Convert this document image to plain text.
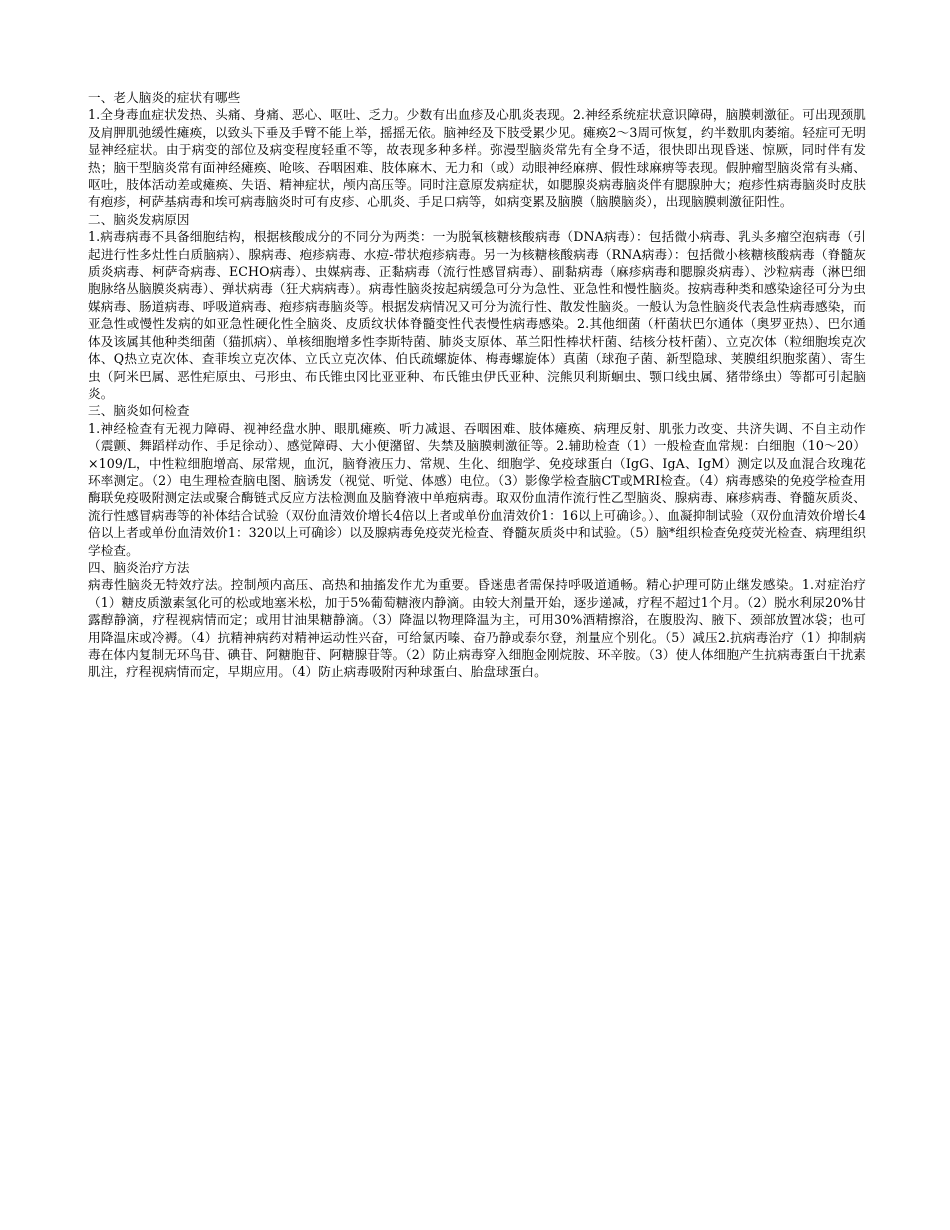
一、老人脑炎的症状有哪些

1.全身毒血症状发热、头痛、身痛、恶心、呕吐、乏力。少数有出血疹及心肌炎表现。2.神经系统症状意识障碍，脑膜刺激征。可出现颈肌及肩胛肌弛缓性瘫痪，以致头下垂及手臂不能上举，摇摇无依。脑神经及下肢受累少见。瘫痪2～3周可恢复，约半数肌肉萎缩。轻症可无明显神经症状。由于病变的部位及病变程度轻重不等，故表现多种多样。弥漫型脑炎常先有全身不适，很快即出现昏迷、惊厥，同时伴有发热；脑干型脑炎常有面神经瘫痪、呛咳、吞咽困难、肢体麻木、无力和（或）动眼神经麻痹、假性球麻痹等表现。假肿瘤型脑炎常有头痛、呕吐，肢体活动差或瘫痪、失语、精神症状，颅内高压等。同时注意原发病症状，如腮腺炎病毒脑炎伴有腮腺肿大；疱疹性病毒脑炎时皮肤有疱疹，柯萨基病毒和埃可病毒脑炎时可有皮疹、心肌炎、手足口病等，如病变累及脑膜（脑膜脑炎），出现脑膜刺激征阳性。

二、脑炎发病原因

1.病毒病毒不具备细胞结构，根据核酸成分的不同分为两类：一为脱氧核糖核酸病毒（DNA病毒）：包括微小病毒、乳头多瘤空泡病毒（引起进行性多灶性白质脑病）、腺病毒、疱疹病毒、水痘-带状疱疹病毒。另一为核糖核酸病毒（RNA病毒）：包括微小核糖核酸病毒（脊髓灰质炎病毒、柯萨奇病毒、ECHO病毒）、虫媒病毒、正黏病毒（流行性感冒病毒）、副黏病毒（麻疹病毒和腮腺炎病毒）、沙粒病毒（淋巴细胞脉络丛脑膜炎病毒）、弹状病毒（狂犬病病毒）。病毒性脑炎按起病缓急可分为急性、亚急性和慢性脑炎。按病毒种类和感染途径可分为虫媒病毒、肠道病毒、呼吸道病毒、疱疹病毒脑炎等。根据发病情况又可分为流行性、散发性脑炎。一般认为急性脑炎代表急性病毒感染，而亚急性或慢性发病的如亚急性硬化性全脑炎、皮质纹状体脊髓变性代表慢性病毒感染。2.其他细菌（杆菌状巴尔通体（奥罗亚热）、巴尔通体及该属其他种类细菌（猫抓病）、单核细胞增多性李斯特菌、肺炎支原体、革兰阳性棒状杆菌、结核分枝杆菌）、立克次体（粒细胞埃克次体、Q热立克次体、查菲埃立克次体、立氏立克次体、伯氏疏螺旋体、梅毒螺旋体）真菌（球孢子菌、新型隐球、荚膜组织胞浆菌）、寄生虫（阿米巴属、恶性疟原虫、弓形虫、布氏锥虫冈比亚亚种、布氏锥虫伊氏亚种、浣熊贝利斯蛔虫、颚口线虫属、猪带绦虫）等都可引起脑炎。

三、脑炎如何检查

1.神经检查有无视力障碍、视神经盘水肿、眼肌瘫痪、听力减退、吞咽困难、肢体瘫痪、病理反射、肌张力改变、共济失调、不自主动作（震颤、舞蹈样动作、手足徐动）、感觉障碍、大小便潴留、失禁及脑膜刺激征等。2.辅助检查（1）一般检查血常规：白细胞（10～20）×109/L，中性粒细胞增高、尿常规，血沉，脑脊液压力、常规、生化、细胞学、免疫球蛋白（IgG、IgA、IgM）测定以及血混合玫瑰花环率测定。（2）电生理检查脑电图、脑诱发（视觉、听觉、体感）电位。（3）影像学检查脑CT或MRI检查。（4）病毒感染的免疫学检查用酶联免疫吸附测定法或聚合酶链式反应方法检测血及脑脊液中单疱病毒。取双份血清作流行性乙型脑炎、腺病毒、麻疹病毒、脊髓灰质炎、流行性感冒病毒等的补体结合试验（双份血清效价增长4倍以上者或单份血清效价1：16以上可确诊。）、血凝抑制试验（双份血清效价增长4倍以上者或单份血清效价1：320以上可确诊）以及腺病毒免疫荧光检查、脊髓灰质炎中和试验。（5）脑*组织检查免疫荧光检查、病理组织学检查。

四、脑炎治疗方法

病毒性脑炎无特效疗法。控制颅内高压、高热和抽搐发作尤为重要。昏迷患者需保持呼吸道通畅。精心护理可防止继发感染。1.对症治疗（1）糖皮质激素氢化可的松或地塞米松，加于5%葡萄糖液内静滴。由较大剂量开始，逐步递减，疗程不超过1个月。（2）脱水利尿20%甘露醇静滴，疗程视病情而定；或用甘油果糖静滴。（3）降温以物理降温为主，可用30%酒精擦浴，在腹股沟、腋下、颈部放置冰袋；也可用降温床或冷褥。（4）抗精神病药对精神运动性兴奋，可给氯丙嗪、奋乃静或泰尔登，剂量应个别化。（5）减压2.抗病毒治疗（1）抑制病毒在体内复制无环鸟苷、碘苷、阿糖胞苷、阿糖腺苷等。（2）防止病毒穿入细胞金刚烷胺、环辛胺。（3）使人体细胞产生抗病毒蛋白干扰素肌注，疗程视病情而定，早期应用。（4）防止病毒吸附丙种球蛋白、胎盘球蛋白。
